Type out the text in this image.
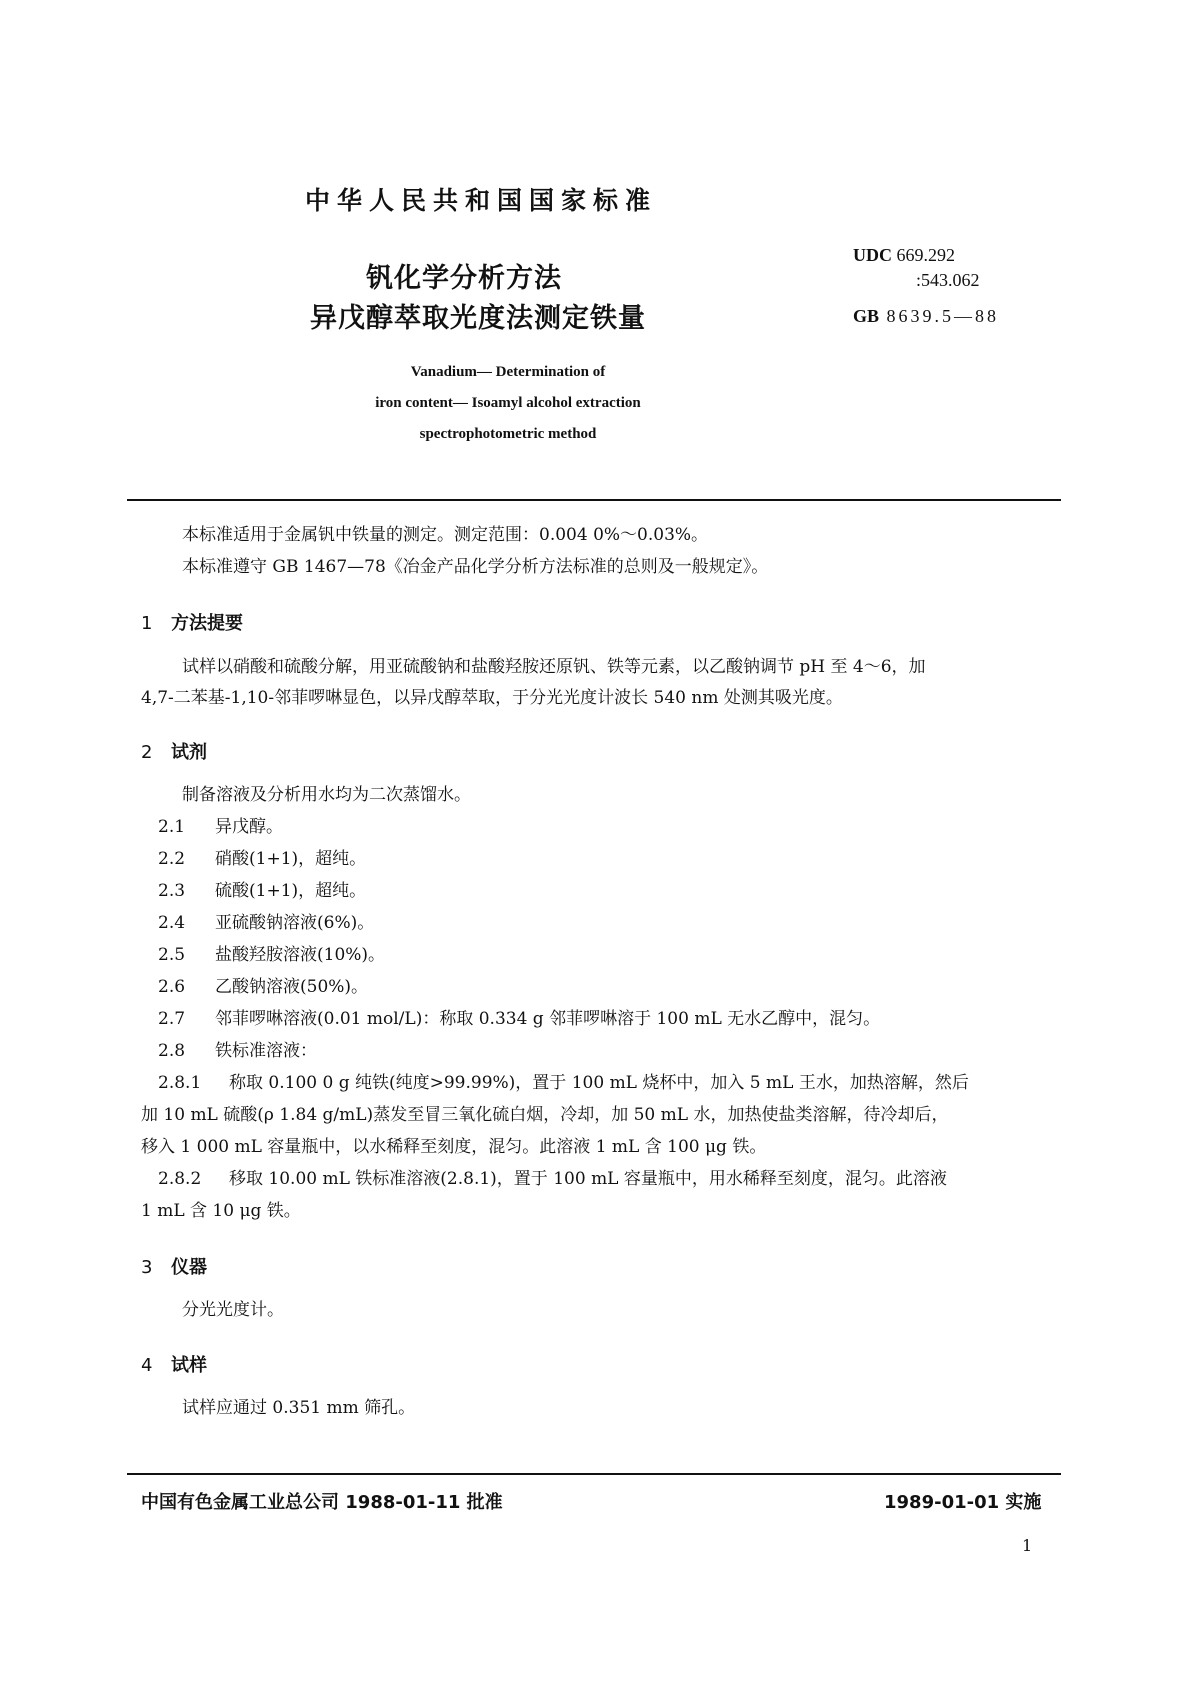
中华人民共和国国家标准
钒化学分析方法
异戊醇萃取光度法测定铁量
UDC 669.292
:543.062
GB 8639.5—88
Vanadium— Determination of
iron content— Isoamyl alcohol extraction
spectrophotometric method
本标准适用于金属钒中铁量的测定。测定范围：0.004 0%～0.03%。
本标准遵守 GB 1467—78《冶金产品化学分析方法标准的总则及一般规定》。
1 方法提要
试样以硝酸和硫酸分解，用亚硫酸钠和盐酸羟胺还原钒、铁等元素，以乙酸钠调节 pH 至 4～6，加
4,7-二苯基-1,10-邻菲啰啉显色，以异戊醇萃取，于分光光度计波长 540 nm 处测其吸光度。
2 试剂
制备溶液及分析用水均为二次蒸馏水。
2.1 异戊醇。
2.2 硝酸(1+1)，超纯。
2.3 硫酸(1+1)，超纯。
2.4 亚硫酸钠溶液(6%)。
2.5 盐酸羟胺溶液(10%)。
2.6 乙酸钠溶液(50%)。
2.7 邻菲啰啉溶液(0.01 mol/L)：称取 0.334 g 邻菲啰啉溶于 100 mL 无水乙醇中，混匀。
2.8 铁标准溶液：
2.8.1 称取 0.100 0 g 纯铁(纯度>99.99%)，置于 100 mL 烧杯中，加入 5 mL 王水，加热溶解，然后
加 10 mL 硫酸(ρ 1.84 g/mL)蒸发至冒三氧化硫白烟，冷却，加 50 mL 水，加热使盐类溶解，待冷却后，
移入 1 000 mL 容量瓶中，以水稀释至刻度，混匀。此溶液 1 mL 含 100 μg 铁。
2.8.2 移取 10.00 mL 铁标准溶液(2.8.1)，置于 100 mL 容量瓶中，用水稀释至刻度，混匀。此溶液
1 mL 含 10 μg 铁。
3 仪器
分光光度计。
4 试样
试样应通过 0.351 mm 筛孔。
中国有色金属工业总公司 1988-01-11 批准	1989-01-01 实施
1
